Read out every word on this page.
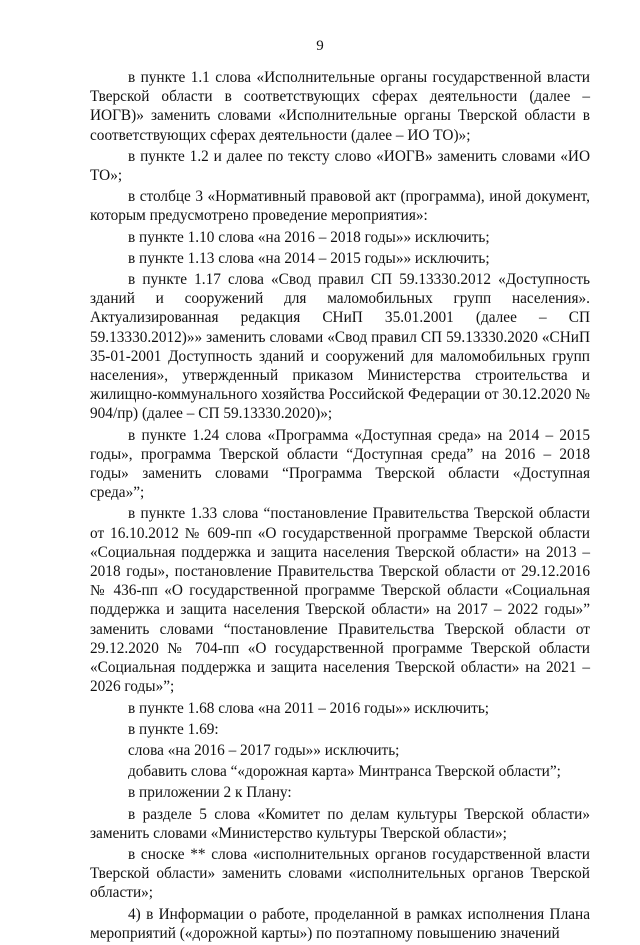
9

в пункте 1.1 слова «Исполнительные органы государственной власти Тверской области в соответствующих сферах деятельности (далее – ИОГВ)» заменить словами «Исполнительные органы Тверской области в соответствующих сферах деятельности (далее – ИО ТО)»;

в пункте 1.2 и далее по тексту слово «ИОГВ» заменить словами «ИО ТО»;

в столбце 3 «Нормативный правовой акт (программа), иной документ, которым предусмотрено проведение мероприятия»:

в пункте 1.10 слова «на 2016 – 2018 годы»» исключить;

в пункте 1.13 слова «на 2014 – 2015 годы»» исключить;

в пункте 1.17 слова «Свод правил СП 59.13330.2012 «Доступность зданий и сооружений для маломобильных групп населения». Актуализированная редакция СНиП 35.01.2001 (далее – СП 59.13330.2012)»» заменить словами «Свод правил СП 59.13330.2020 «СНиП 35-01-2001 Доступность зданий и сооружений для маломобильных групп населения», утвержденный приказом Министерства строительства и жилищно-коммунального хозяйства Российской Федерации от 30.12.2020 № 904/пр) (далее – СП 59.13330.2020)»;

в пункте 1.24 слова «Программа «Доступная среда» на 2014 – 2015 годы», программа Тверской области “Доступная среда” на 2016 – 2018 годы» заменить словами “Программа Тверской области «Доступная среда»”;

в пункте 1.33 слова “постановление Правительства Тверской области от 16.10.2012 № 609-пп «О государственной программе Тверской области «Социальная поддержка и защита населения Тверской области» на 2013 – 2018 годы», постановление Правительства Тверской области от 29.12.2016 № 436-пп «О государственной программе Тверской области «Социальная поддержка и защита населения Тверской области» на 2017 – 2022 годы»” заменить словами “постановление Правительства Тверской области от 29.12.2020 № 704-пп «О государственной программе Тверской области «Социальная поддержка и защита населения Тверской области» на 2021 – 2026 годы»”;

в пункте 1.68 слова «на 2011 – 2016 годы»» исключить;

в пункте 1.69:

слова «на 2016 – 2017 годы»» исключить;

добавить слова “«дорожная карта» Минтранса Тверской области”;

в приложении 2 к Плану:

в разделе 5 слова «Комитет по делам культуры Тверской области» заменить словами «Министерство культуры Тверской области»;

в сноске ** слова «исполнительных органов государственной власти Тверской области» заменить словами «исполнительных органов Тверской области»;

4) в Информации о работе, проделанной в рамках исполнения Плана мероприятий («дорожной карты») по поэтапному повышению значений
